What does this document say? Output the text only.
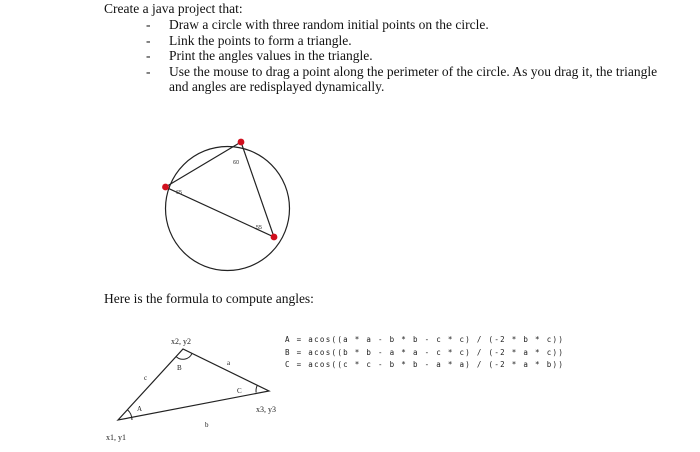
Create a java project that:

- Draw a circle with three random initial points on the circle.
- Link the points to form a triangle.
- Print the angles values in the triangle.
- Use the mouse to drag a point along the perimeter of the circle. As you drag it, the triangle and angles are redisplayed dynamically.
60
65
55
x1, y1
x2, y2
x3, y3
A
B
C
c
a
b

Here is the formula to compute angles:

A = acos((a * a - b * b - c * c) / (-2 * b * c))
B = acos((b * b - a * a - c * c) / (-2 * a * c))
C = acos((c * c - b * b - a * a) / (-2 * a * b))
